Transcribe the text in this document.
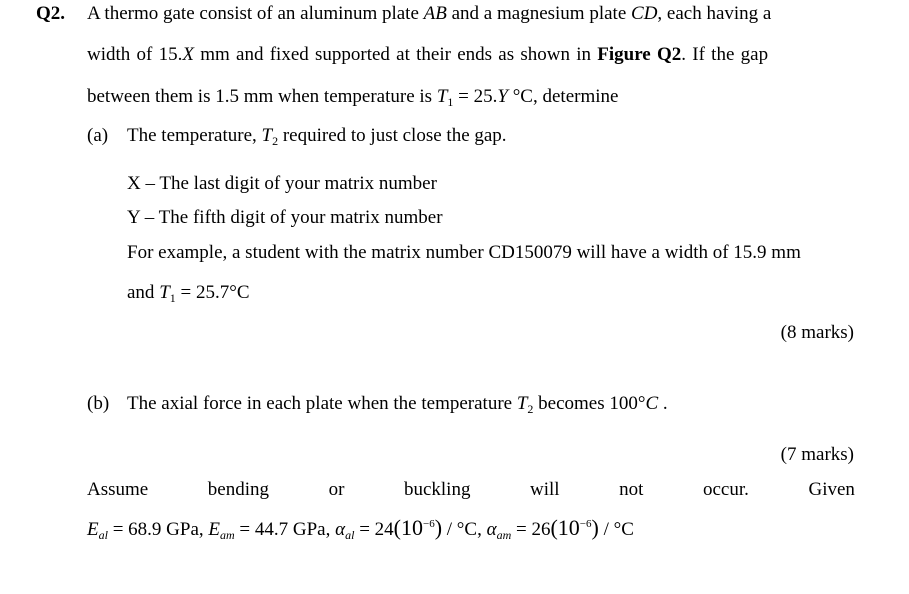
Q2. A thermo gate consist of an aluminum plate AB and a magnesium plate CD, each having a
width of 15.X mm and fixed supported at their ends as shown in Figure Q2. If the gap
between them is 1.5 mm when temperature is $T_1 = 25.Y$ °C, determine
(a) The temperature, $T_2$ required to just close the gap.
X – The last digit of your matrix number
Y – The fifth digit of your matrix number
For example, a student with the matrix number CD150079 will have a width of 15.9 mm
and $T_1 = 25.7^\circ C$
(8 marks)
(b) The axial force in each plate when the temperature $T_2$ becomes 100°C .
(7 marks)
Assume	bending	or	buckling	will	not	occur.	Given
$E_{al} = 68.9$ GPa, $E_{am} = 44.7$ GPa, $\alpha_{al} = 24(10^{-6}) / ^\circ C$, $\alpha_{am} = 26(10^{-6}) / ^\circ C$
